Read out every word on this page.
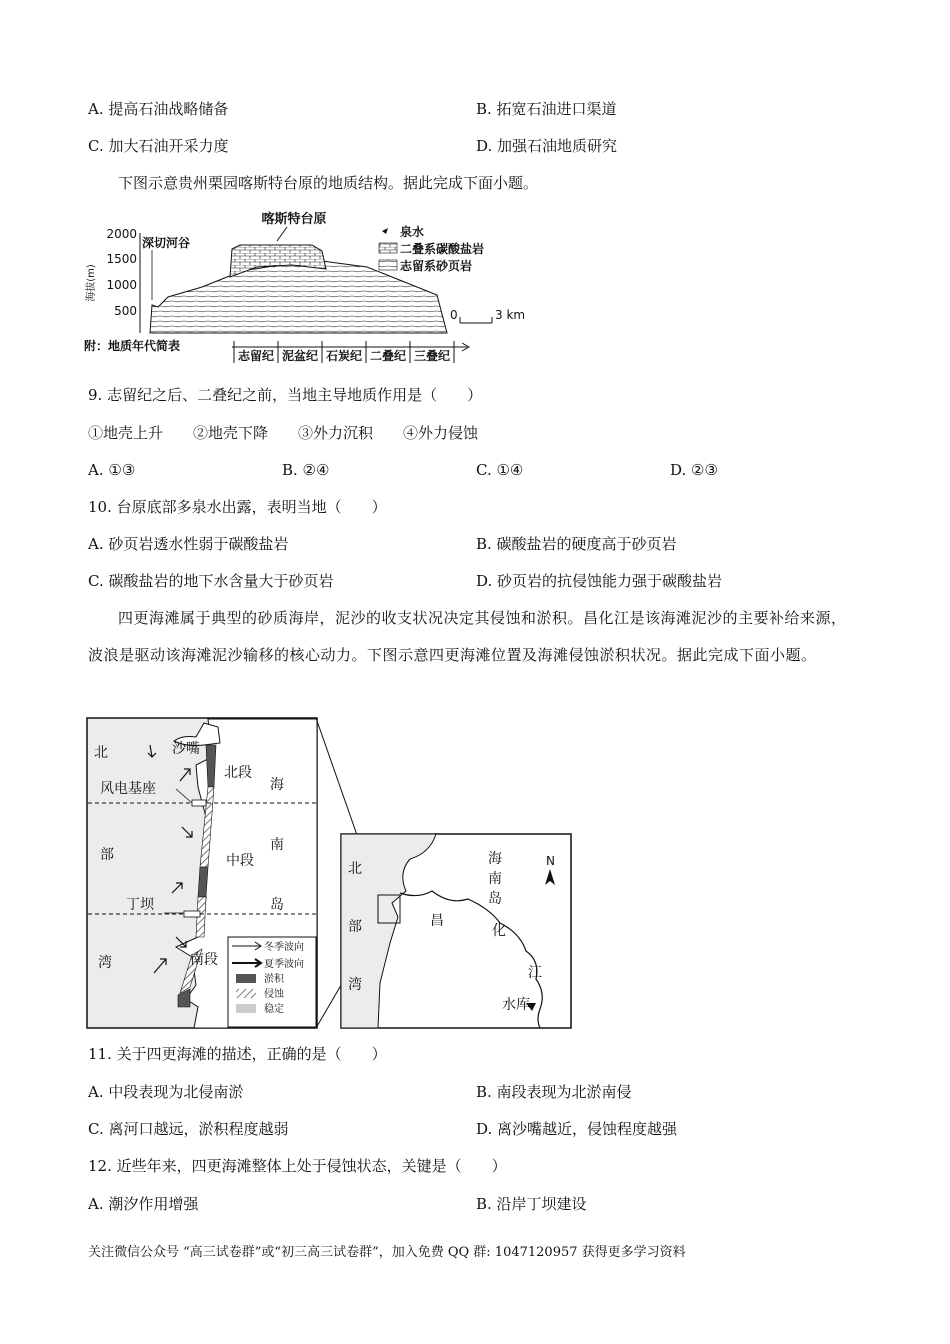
A. 提高石油战略储备	B. 拓宽石油进口渠道
C. 加大石油开采力度	D. 加强石油地质研究
下图示意贵州栗园喀斯特台原的地质结构。据此完成下面小题。
2000
1500
1000
500
海拔(m)
深切河谷
喀斯特台原
泉水
二叠系碳酸盐岩
志留系砂页岩
0	3 km
附：地质年代简表
志留纪 泥盆纪 石炭纪 二叠纪 三叠纪
9. 志留纪之后、二叠纪之前，当地主导地质作用是（　　）
①地壳上升　　②地壳下降　　③外力沉积　　④外力侵蚀
A. ①③	B. ②④	C. ①④	D. ②③
10. 台原底部多泉水出露，表明当地（　　）
A. 砂页岩透水性弱于碳酸盐岩	B. 碳酸盐岩的硬度高于砂页岩
C. 碳酸盐岩的地下水含量大于砂页岩	D. 砂页岩的抗侵蚀能力强于碳酸盐岩
四更海滩属于典型的砂质海岸，泥沙的收支状况决定其侵蚀和淤积。昌化江是该海滩泥沙的主要补给来源，波浪是驱动该海滩泥沙输移的核心动力。下图示意四更海滩位置及海滩侵蚀淤积状况。据此完成下面小题。
北
部
湾
沙嘴
北段
中段
南段
海
南
岛
风电基座
丁坝
冬季波向
夏季波向
淤积
侵蚀
稳定
北
部
湾
海
南
岛
昌
化
江
水库
N
11. 关于四更海滩的描述，正确的是（　　）
A. 中段表现为北侵南淤	B. 南段表现为北淤南侵
C. 离河口越远，淤积程度越弱	D. 离沙嘴越近，侵蚀程度越强
12. 近些年来，四更海滩整体上处于侵蚀状态，关键是（　　）
A. 潮汐作用增强	B. 沿岸丁坝建设
关注微信公众号 “高三试卷群”或“初三高三试卷群”，加入免费 QQ 群: 1047120957 获得更多学习资料
